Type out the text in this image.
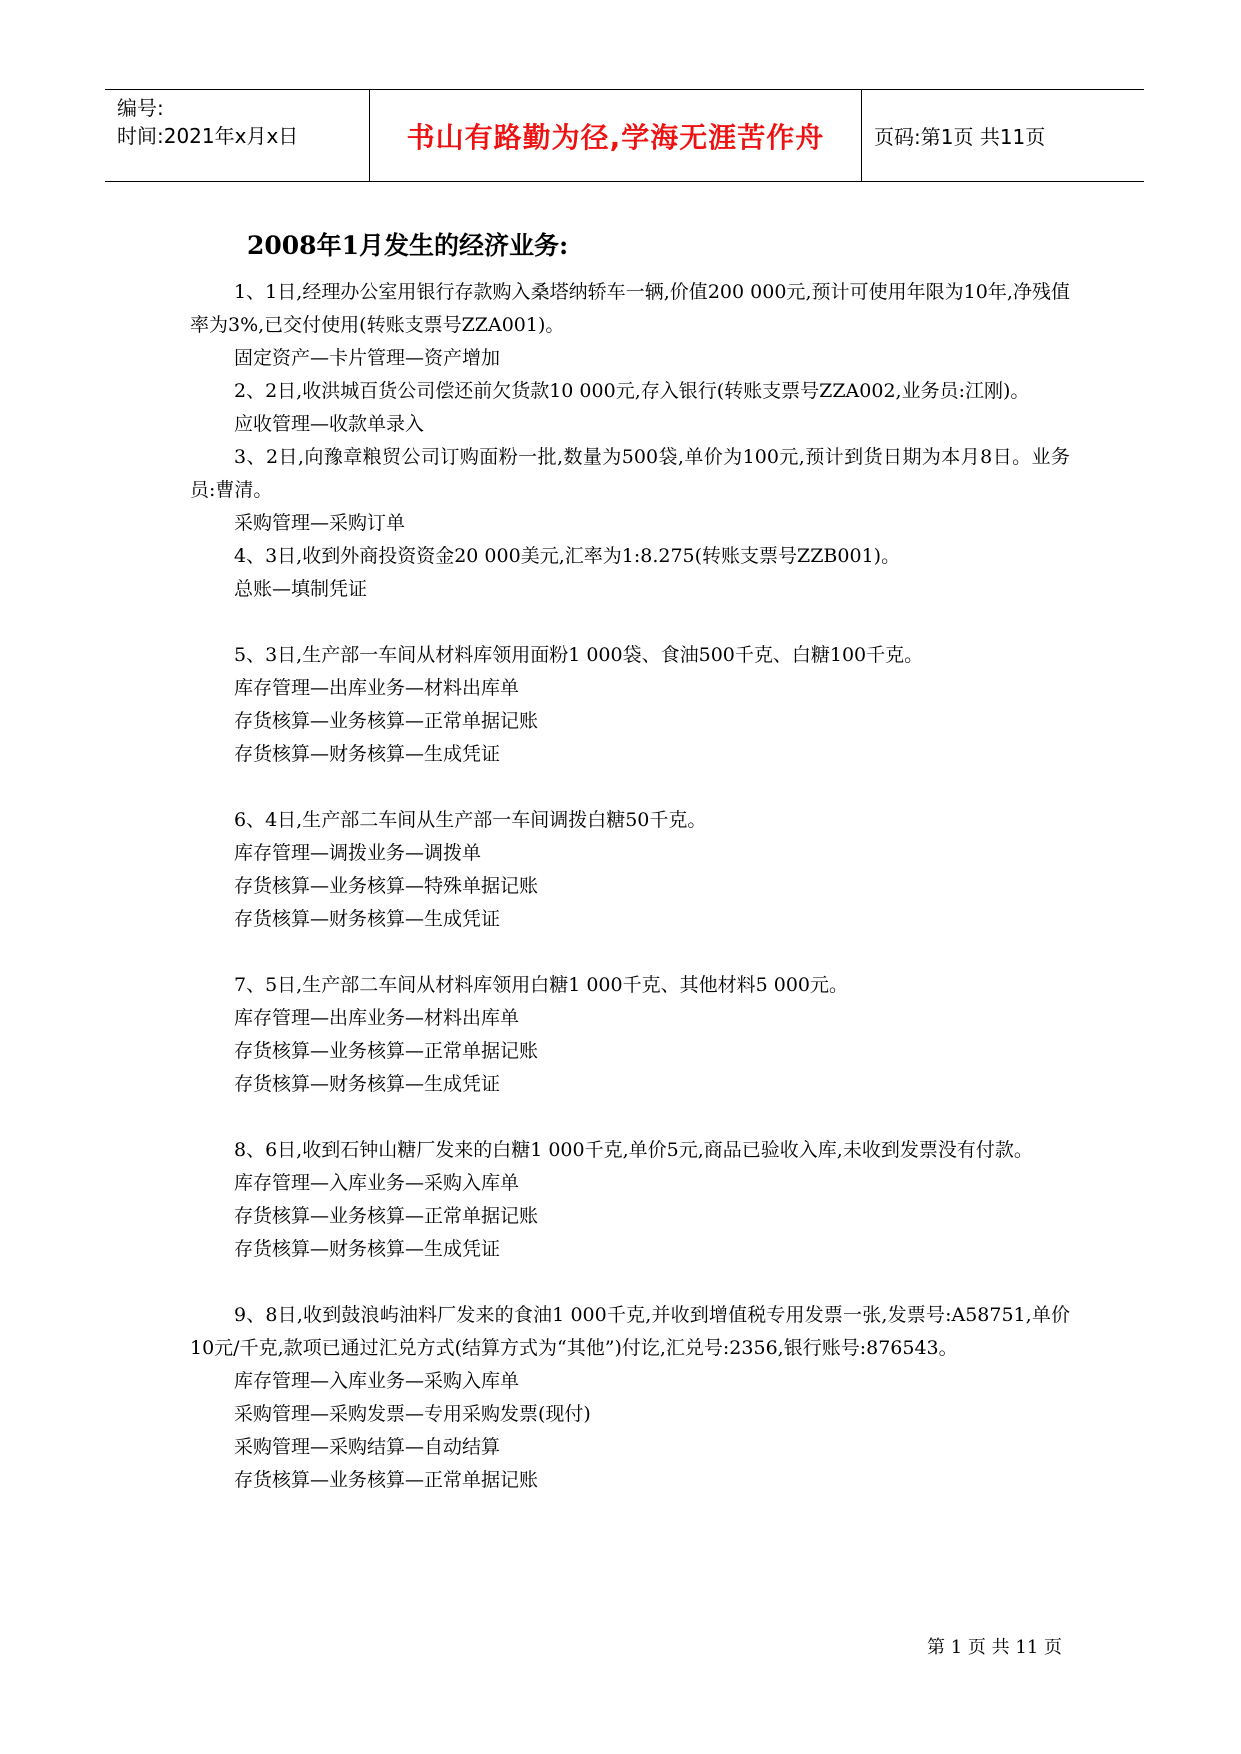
编号:
时间:2021年x月x日	书山有路勤为径,学海无涯苦作舟 页码:第1页 共11页
2008年1月发生的经济业务:

1、1日,经理办公室用银行存款购入桑塔纳轿车一辆,价值200 000元,预计可使用年限为10年,净残值率为3%,已交付使用(转账支票号ZZA001)。

固定资产—卡片管理—资产增加

2、2日,收洪城百货公司偿还前欠货款10 000元,存入银行(转账支票号ZZA002,业务员:江刚)。

应收管理—收款单录入

3、2日,向豫章粮贸公司订购面粉一批,数量为500袋,单价为100元,预计到货日期为本月8日。业务员:曹清。

采购管理—采购订单

4、3日,收到外商投资资金20 000美元,汇率为1:8.275(转账支票号ZZB001)。

总账—填制凭证

5、3日,生产部一车间从材料库领用面粉1 000袋、食油500千克、白糖100千克。

库存管理—出库业务—材料出库单

存货核算—业务核算—正常单据记账

存货核算—财务核算—生成凭证

6、4日,生产部二车间从生产部一车间调拨白糖50千克。

库存管理—调拨业务—调拨单

存货核算—业务核算—特殊单据记账

存货核算—财务核算—生成凭证

7、5日,生产部二车间从材料库领用白糖1 000千克、其他材料5 000元。

库存管理—出库业务—材料出库单

存货核算—业务核算—正常单据记账

存货核算—财务核算—生成凭证

8、6日,收到石钟山糖厂发来的白糖1 000千克,单价5元,商品已验收入库,未收到发票没有付款。

库存管理—入库业务—采购入库单

存货核算—业务核算—正常单据记账

存货核算—财务核算—生成凭证

9、8日,收到鼓浪屿油料厂发来的食油1 000千克,并收到增值税专用发票一张,发票号:A58751,单价10元/千克,款项已通过汇兑方式(结算方式为“其他”)付讫,汇兑号:2356,银行账号:876543。

库存管理—入库业务—采购入库单

采购管理—采购发票—专用采购发票(现付)

采购管理—采购结算—自动结算

存货核算—业务核算—正常单据记账

第 1 页 共 11 页
